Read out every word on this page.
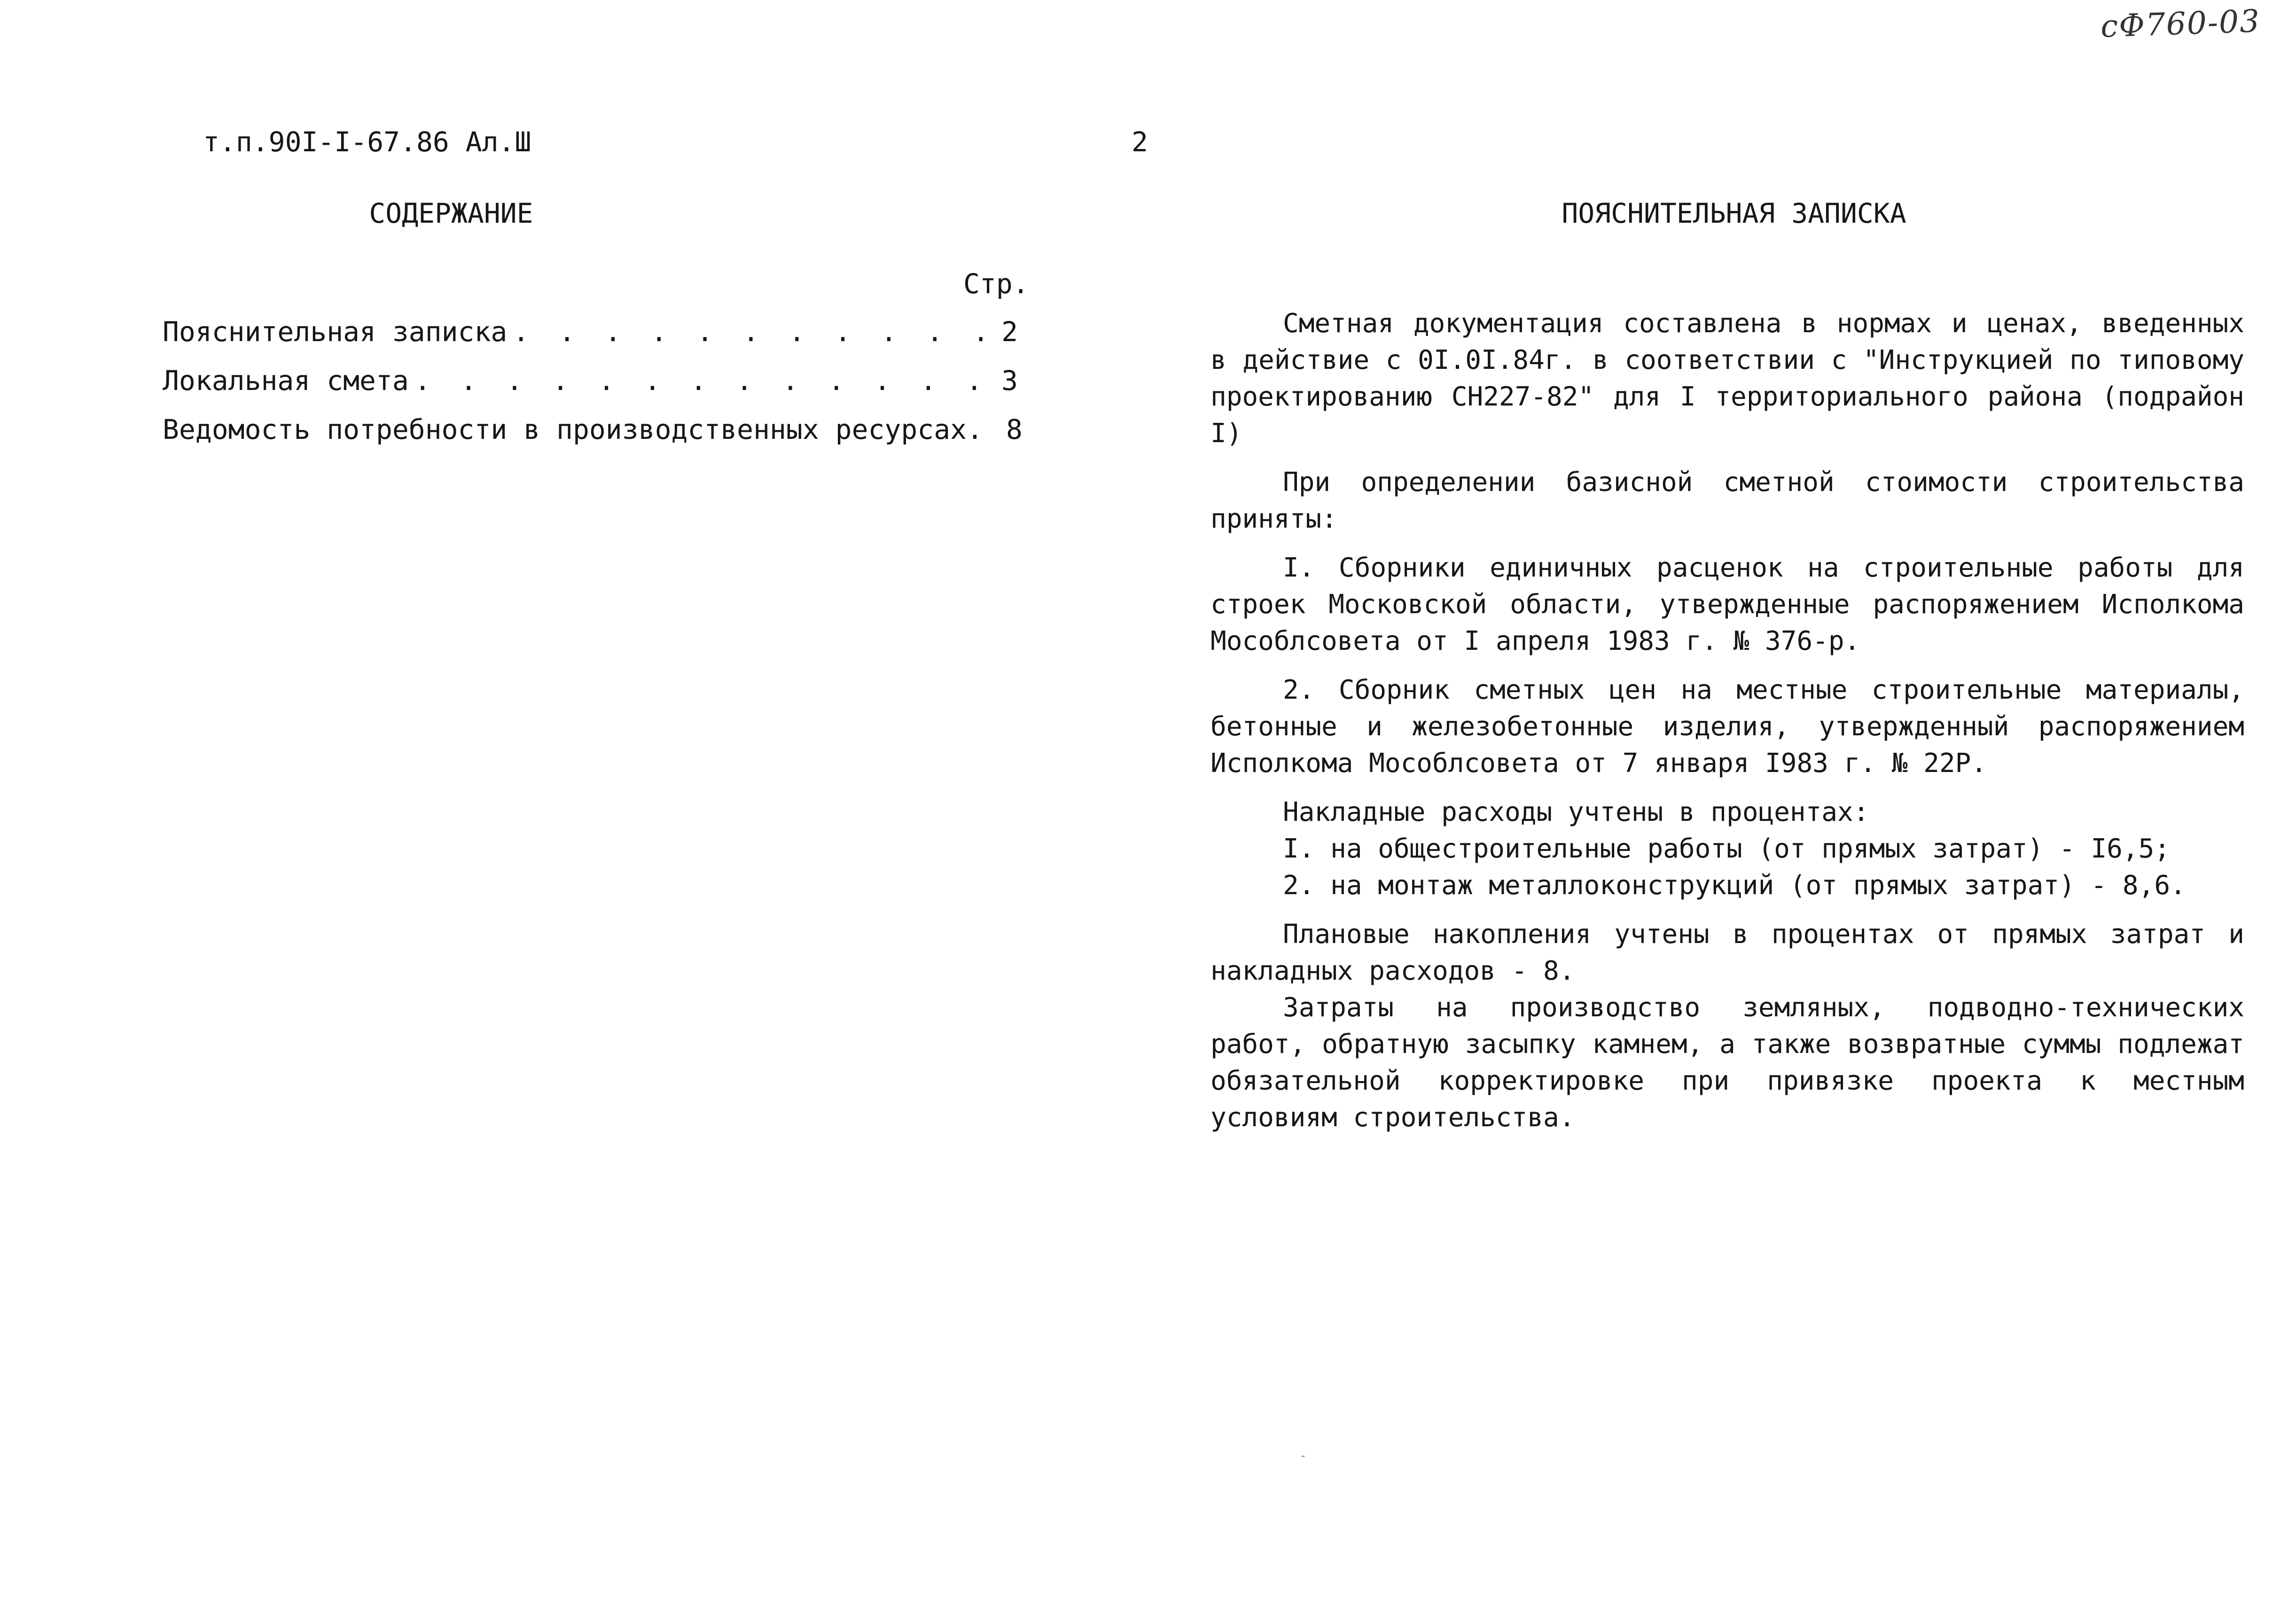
сФ760-03
т.п.90I-I-67.86 Ал.Ш	2
СОДЕРЖАНИЕ
Стр.
Пояснительная записка . . .	2
Локальная смета . . .	3
Ведомость потребности в производственных ресурсах. 8
ПОЯСНИТЕЛЬНАЯ ЗАПИСКА

Сметная документация составлена в нормах и ценах, введенных в действие с 0I.0I.84г. в соответствии с "Инструкцией по типовому проектированию СН227-82" для I территориального района (подрайон I)

При определении базисной сметной стоимости строительства приняты:

I. Сборники единичных расценок на строительные работы для строек Московской области, утвержденные распоряжением Исполкома Мособлсовета от I апреля 1983 г. № 376-р.

2. Сборник сметных цен на местные строительные материалы, бетонные и железобетонные изделия, утвержденный распоряжением Исполкома Мособлсовета от 7 января I983 г. № 22Р.

Накладные расходы учтены в процентах:

I. на общестроительные работы (от прямых затрат) - I6,5;

2. на монтаж металлоконструкций (от прямых затрат) - 8,6.

Плановые накопления учтены в процентах от прямых затрат и накладных расходов - 8.

Затраты на производство земляных, подводно-технических работ, обратную засыпку камнем, а также возвратные суммы подлежат обязательной корректировке при привязке проекта к местным условиям строительства.
